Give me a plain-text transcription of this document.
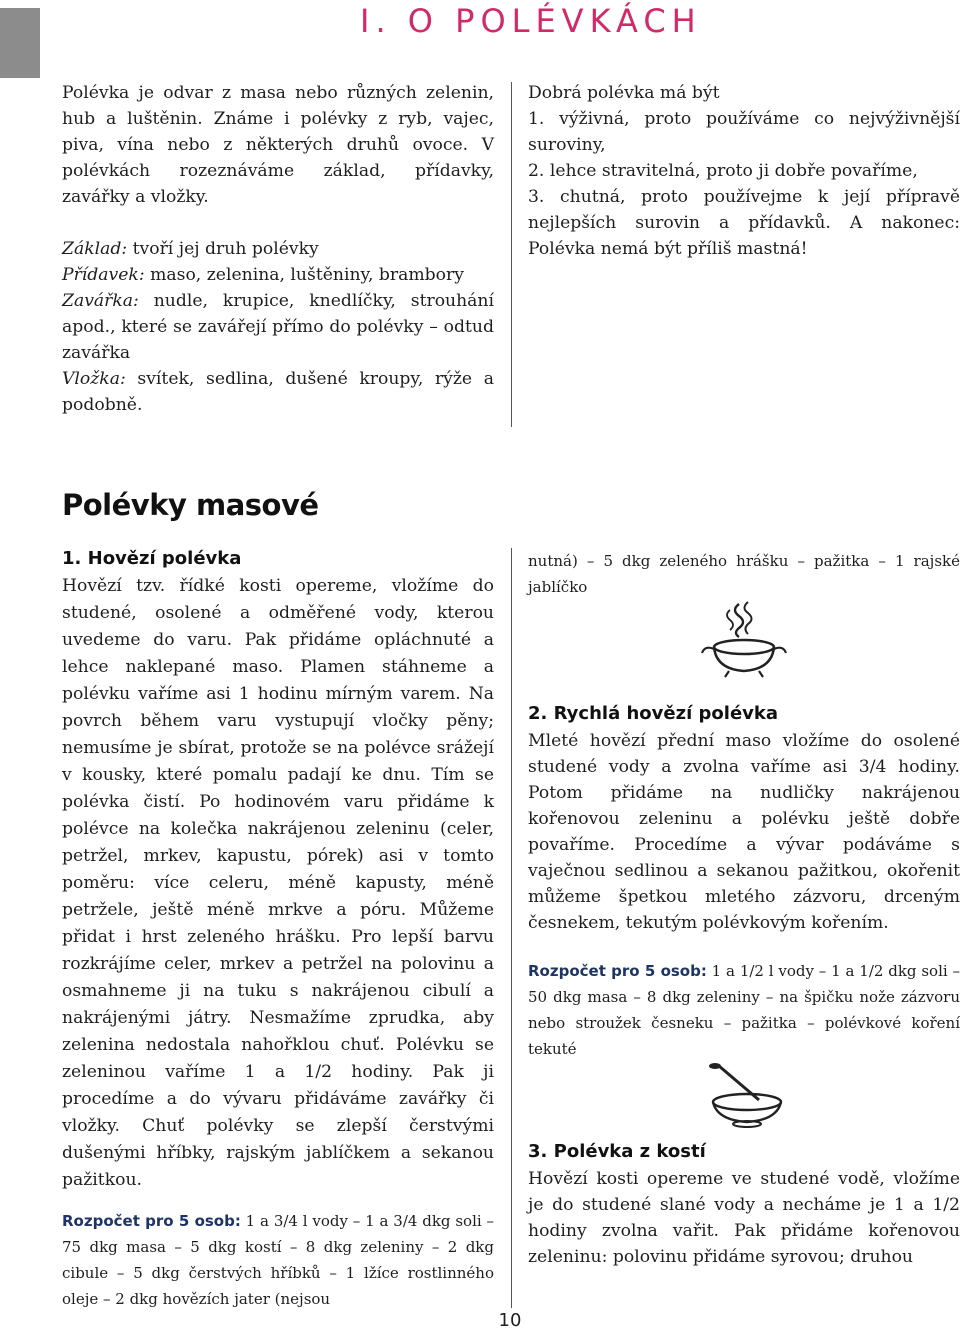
I. O POLÉVKÁCH

Polévka je odvar z masa nebo různých zelenin, hub a luštěnin. Známe i polévky z ryb, vajec, piva, vína nebo z některých druhů ovoce. V polévkách rozeznáváme základ, přídavky, zavářky a vložky.

Základ: tvoří jej druh polévky

Přídavek: maso, zelenina, luštěniny, brambory

Zavářka: nudle, krupice, knedlíčky, strouhání apod., které se zavářejí přímo do polévky – odtud zavářka

Vložka: svítek, sedlina, dušené kroupy, rýže a podobně.

Dobrá polévka má být

1. výživná, proto používáme co nejvýživnější suroviny,

2. lehce stravitelná, proto ji dobře povaříme,

3. chutná, proto používejme k její přípravě nejlepších surovin a přídavků. A nakonec: Polévka nemá být příliš mastná!

Polévky masové

1. Hovězí polévka

Hovězí tzv. řídké kosti opereme, vložíme do studené, osolené a odměřené vody, kterou uvedeme do varu. Pak přidáme opláchnuté a lehce naklepané maso. Plamen stáhneme a polévku vaříme asi 1 hodinu mírným varem. Na povrch během varu vystupují vločky pěny; nemusíme je sbírat, protože se na polévce srážejí v kousky, které pomalu padají ke dnu. Tím se polévka čistí. Po hodinovém varu přidáme k polévce na kolečka nakrájenou zeleninu (celer, petržel, mrkev, kapustu, pórek) asi v tomto poměru: více celeru, méně kapusty, méně petržele, ještě méně mrkve a póru. Můžeme přidat i hrst zeleného hrášku. Pro lepší barvu rozkrájíme celer, mrkev a petržel na polovinu a osmahneme ji na tuku s nakrájenou cibulí a nakrájenými játry. Nesmažíme zprudka, aby zelenina nedostala nahořklou chuť. Polévku se zeleninou vaříme 1 a 1/2 hodiny. Pak ji procedíme a do vývaru přidáváme zavářky či vložky. Chuť polévky se zlepší čerstvými dušenými hříbky, rajským jablíčkem a sekanou pažitkou.

Rozpočet pro 5 osob: 1 a 3/4 l vody – 1 a 3/4 dkg soli – 75 dkg masa – 5 dkg kostí – 8 dkg zeleniny – 2 dkg cibule – 5 dkg čerstvých hříbků – 1 lžíce rostlinného oleje – 2 dkg hovězích jater (nejsou

nutná) – 5 dkg zeleného hrášku – pažitka – 1 rajské jablíčko

2. Rychlá hovězí polévka

Mleté hovězí přední maso vložíme do osolené studené vody a zvolna vaříme asi 3/4 hodiny. Potom přidáme na nudličky nakrájenou kořenovou zeleninu a polévku ještě dobře povaříme. Procedíme a vývar podáváme s vaječnou sedlinou a sekanou pažitkou, okořenit můžeme špetkou mletého zázvoru, drceným česnekem, tekutým polévkovým kořením.

Rozpočet pro 5 osob: 1 a 1/2 l vody – 1 a 1/2 dkg soli – 50 dkg masa – 8 dkg zeleniny – na špičku nože zázvoru nebo stroužek česneku – pažitka – polévkové koření tekuté

3. Polévka z kostí

Hovězí kosti opereme ve studené vodě, vložíme je do studené slané vody a necháme je 1 a 1/2 hodiny zvolna vařit. Pak přidáme kořenovou zeleninu: polovinu přidáme syrovou; druhou

10
